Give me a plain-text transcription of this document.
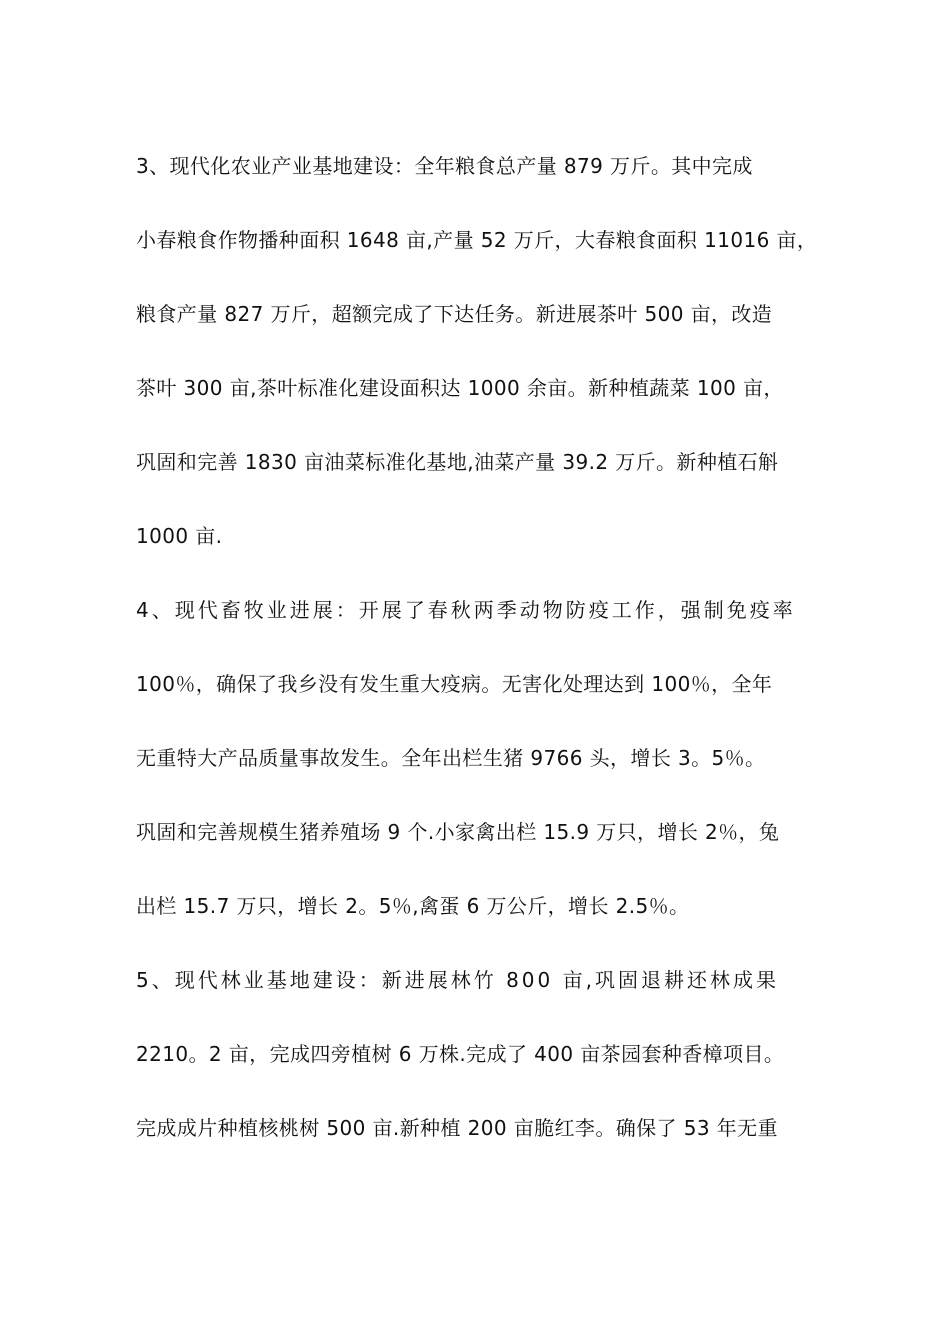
3、现代化农业产业基地建设：全年粮食总产量 879 万斤。其中完成
小春粮食作物播种面积 1648 亩,产量 52 万斤，大春粮食面积 11016 亩，
粮食产量 827 万斤，超额完成了下达任务。新进展茶叶 500 亩，改造
茶叶 300 亩,茶叶标准化建设面积达 1000 余亩。新种植蔬菜 100 亩，
巩固和完善 1830 亩油菜标准化基地,油菜产量 39.2 万斤。新种植石斛
1000 亩.
4、现代畜牧业进展：开展了春秋两季动物防疫工作，强制免疫率
100％，确保了我乡没有发生重大疫病。无害化处理达到 100％，全年
无重特大产品质量事故发生。全年出栏生猪 9766 头，增长 3。5％。
巩固和完善规模生猪养殖场 9 个.小家禽出栏 15.9 万只，增长 2％，兔
出栏 15.7 万只，增长 2。5％,禽蛋 6 万公斤，增长 2.5％。
5、现代林业基地建设：新进展林竹 800 亩,巩固退耕还林成果
2210。2 亩，完成四旁植树 6 万株.完成了 400 亩茶园套种香樟项目。
完成成片种植核桃树 500 亩.新种植 200 亩脆红李。确保了 53 年无重
